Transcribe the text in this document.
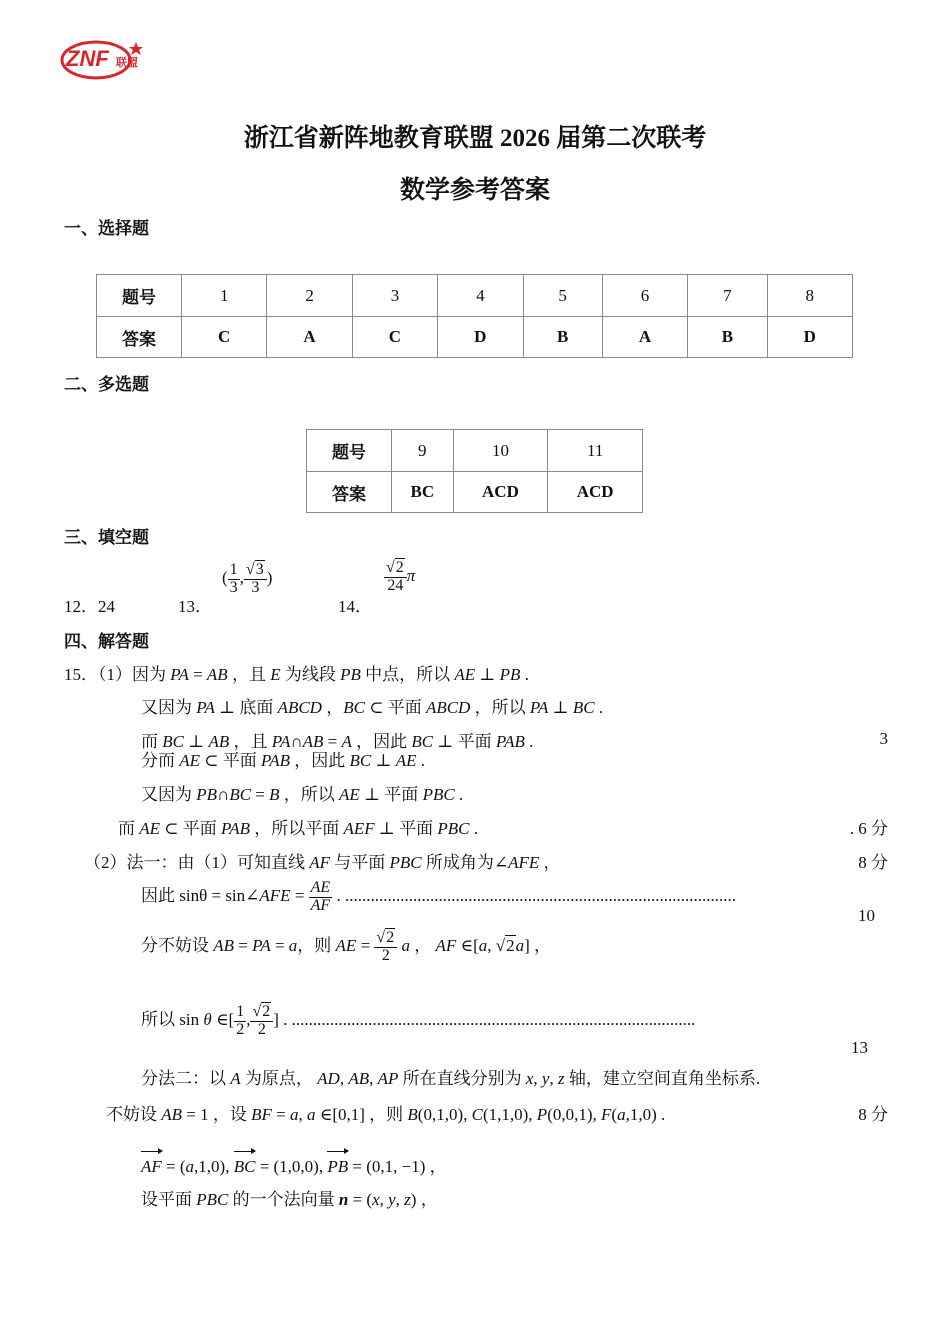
ZNF 联盟
浙江省新阵地教育联盟 2026 届第二次联考
数学参考答案
一、选择题
题号	1	2	3	4	5	6	7	8
答案	C	A	C	D	B	A	B	D
二、多选题
题号	9	10	11
答案	BC	ACD	ACD
三、填空题
12．24	13．
( $\frac{1}{3}$ , $\frac{√3}{3}$ )
14．
$\frac{√2}{24}$ π
四、解答题
15．（1）因为 PA = AB ，且 E 为线段 PB 中点，所以 AE ⊥ PB .
又因为 PA ⊥ 底面 ABCD ，BC ⊂ 平面 ABCD ，所以 PA ⊥ BC .
而 BC ⊥ AB ，且 PA∩AB = A ，因此 BC ⊥ 平面 PAB .	3
分而 AE ⊂ 平面 PAB ，因此 BC ⊥ AE .
又因为 PB∩BC = B ，所以 AE ⊥ 平面 PBC .
而 AE ⊂ 平面 PAB ，所以平面 AEF ⊥ 平面 PBC .	. 6 分
（2）法一：由（1）可知直线 AF 与平面 PBC 所成角为∠AFE ，	8 分
因此 sinθ = sin∠AFE = $\frac{AE}{AF}$ . ............................................................................................
10
分不妨设 AB = PA = a，则 AE = $\frac{√2}{2}$ a ， AF ∈[a, √2a] ，
所以 sin θ ∈[ $\frac{1}{2}$ , $\frac{√2}{2}$ ] . ...............................................................................................
13
分法二：以 A 为原点， AD, AB, AP 所在直线分别为 x, y, z 轴，建立空间直角坐标系.
不妨设 AB = 1 ，设 BF = a, a ∈[0,1] ，则 B(0,1,0), C(1,1,0), P(0,0,1), F(a,1,0) .	8 分
AF = (a,1,0), BC = (1,0,0), PB = (0,1, −1) ，
设平面 PBC 的一个法向量 n = (x, y, z) ，
